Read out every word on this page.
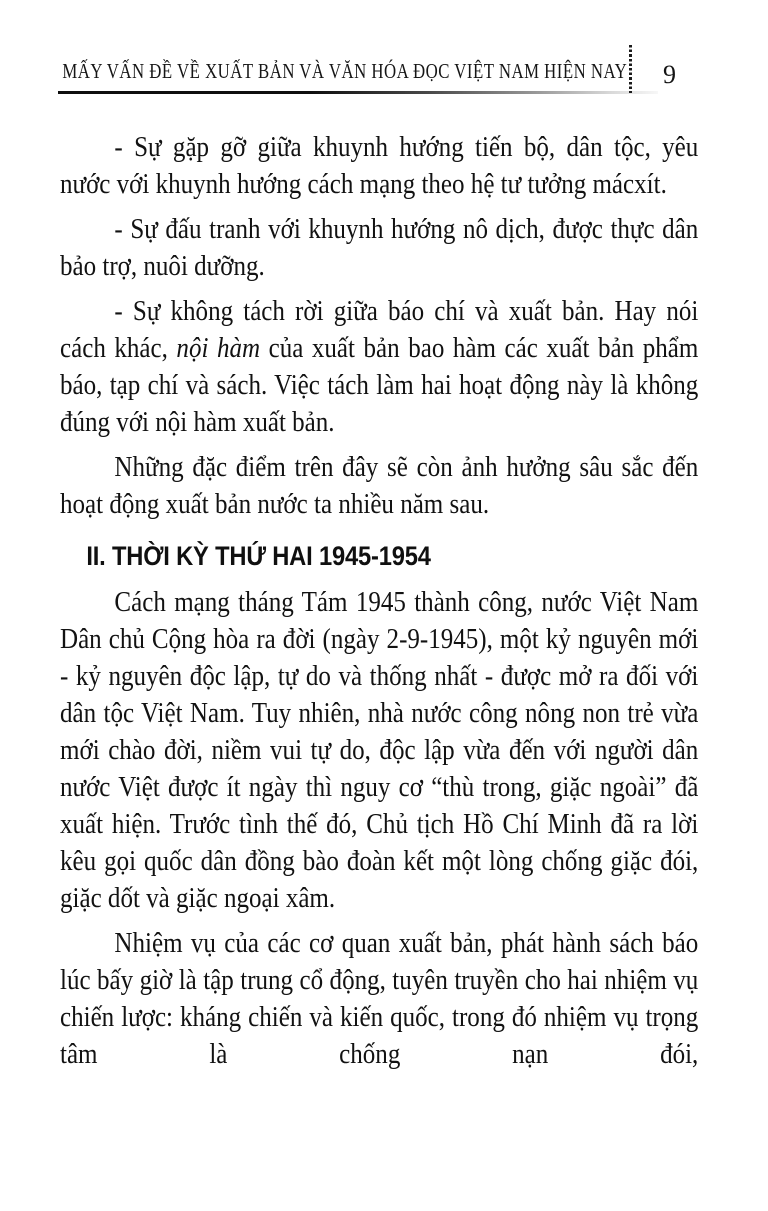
MẤY VẤN ĐỀ VỀ XUẤT BẢN VÀ VĂN HÓA ĐỌC VIỆT NAM HIỆN NAY 9

- Sự gặp gỡ giữa khuynh hướng tiến bộ, dân tộc, yêu nước với khuynh hướng cách mạng theo hệ tư tưởng mácxít.

- Sự đấu tranh với khuynh hướng nô dịch, được thực dân bảo trợ, nuôi dưỡng.

- Sự không tách rời giữa báo chí và xuất bản. Hay nói cách khác, nội hàm của xuất bản bao hàm các xuất bản phẩm báo, tạp chí và sách. Việc tách làm hai hoạt động này là không đúng với nội hàm xuất bản.

Những đặc điểm trên đây sẽ còn ảnh hưởng sâu sắc đến hoạt động xuất bản nước ta nhiều năm sau.

II. THỜI KỲ THỨ HAI 1945-1954

Cách mạng tháng Tám 1945 thành công, nước Việt Nam Dân chủ Cộng hòa ra đời (ngày 2-9-1945), một kỷ nguyên mới - kỷ nguyên độc lập, tự do và thống nhất - được mở ra đối với dân tộc Việt Nam. Tuy nhiên, nhà nước công nông non trẻ vừa mới chào đời, niềm vui tự do, độc lập vừa đến với người dân nước Việt được ít ngày thì nguy cơ “thù trong, giặc ngoài” đã xuất hiện. Trước tình thế đó, Chủ tịch Hồ Chí Minh đã ra lời kêu gọi quốc dân đồng bào đoàn kết một lòng chống giặc đói, giặc dốt và giặc ngoại xâm.

Nhiệm vụ của các cơ quan xuất bản, phát hành sách báo lúc bấy giờ là tập trung cổ động, tuyên truyền cho hai nhiệm vụ chiến lược: kháng chiến và kiến quốc, trong đó nhiệm vụ trọng tâm là chống nạn đói,
